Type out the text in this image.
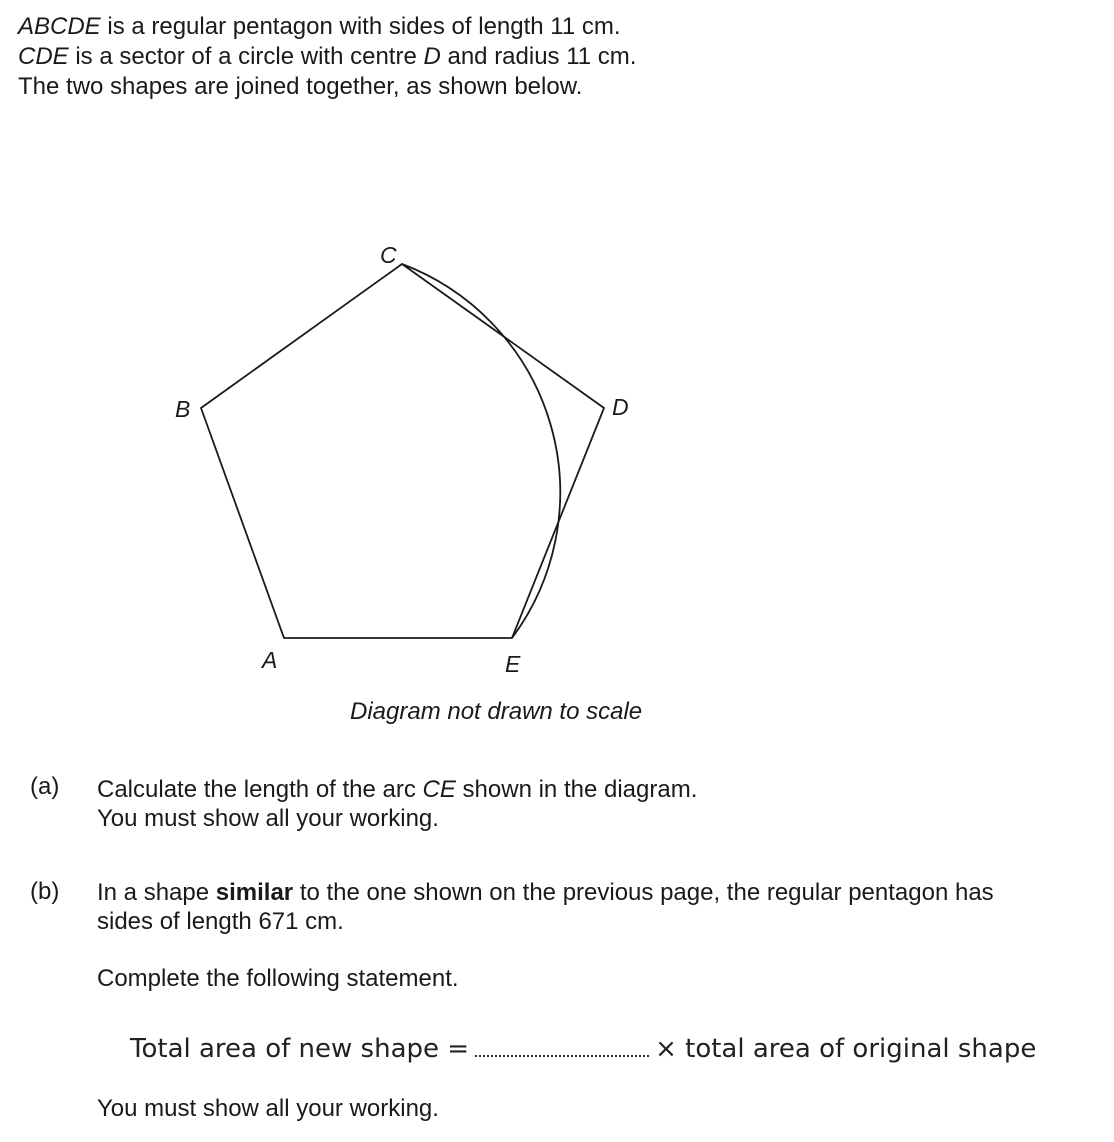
ABCDE is a regular pentagon with sides of length 11 cm.

CDE is a sector of a circle with centre D and radius 11 cm.

The two shapes are joined together, as shown below.

A
B
C
D
E
Diagram not drawn to scale
(a) Calculate the length of the arc CE shown in the diagram.

You must show all your working.

(b) In a shape similar to the one shown on the previous page, the regular pentagon has

sides of length 671 cm.

Complete the following statement.
Total area of new shape =	× total area of original shape
You must show all your working.
